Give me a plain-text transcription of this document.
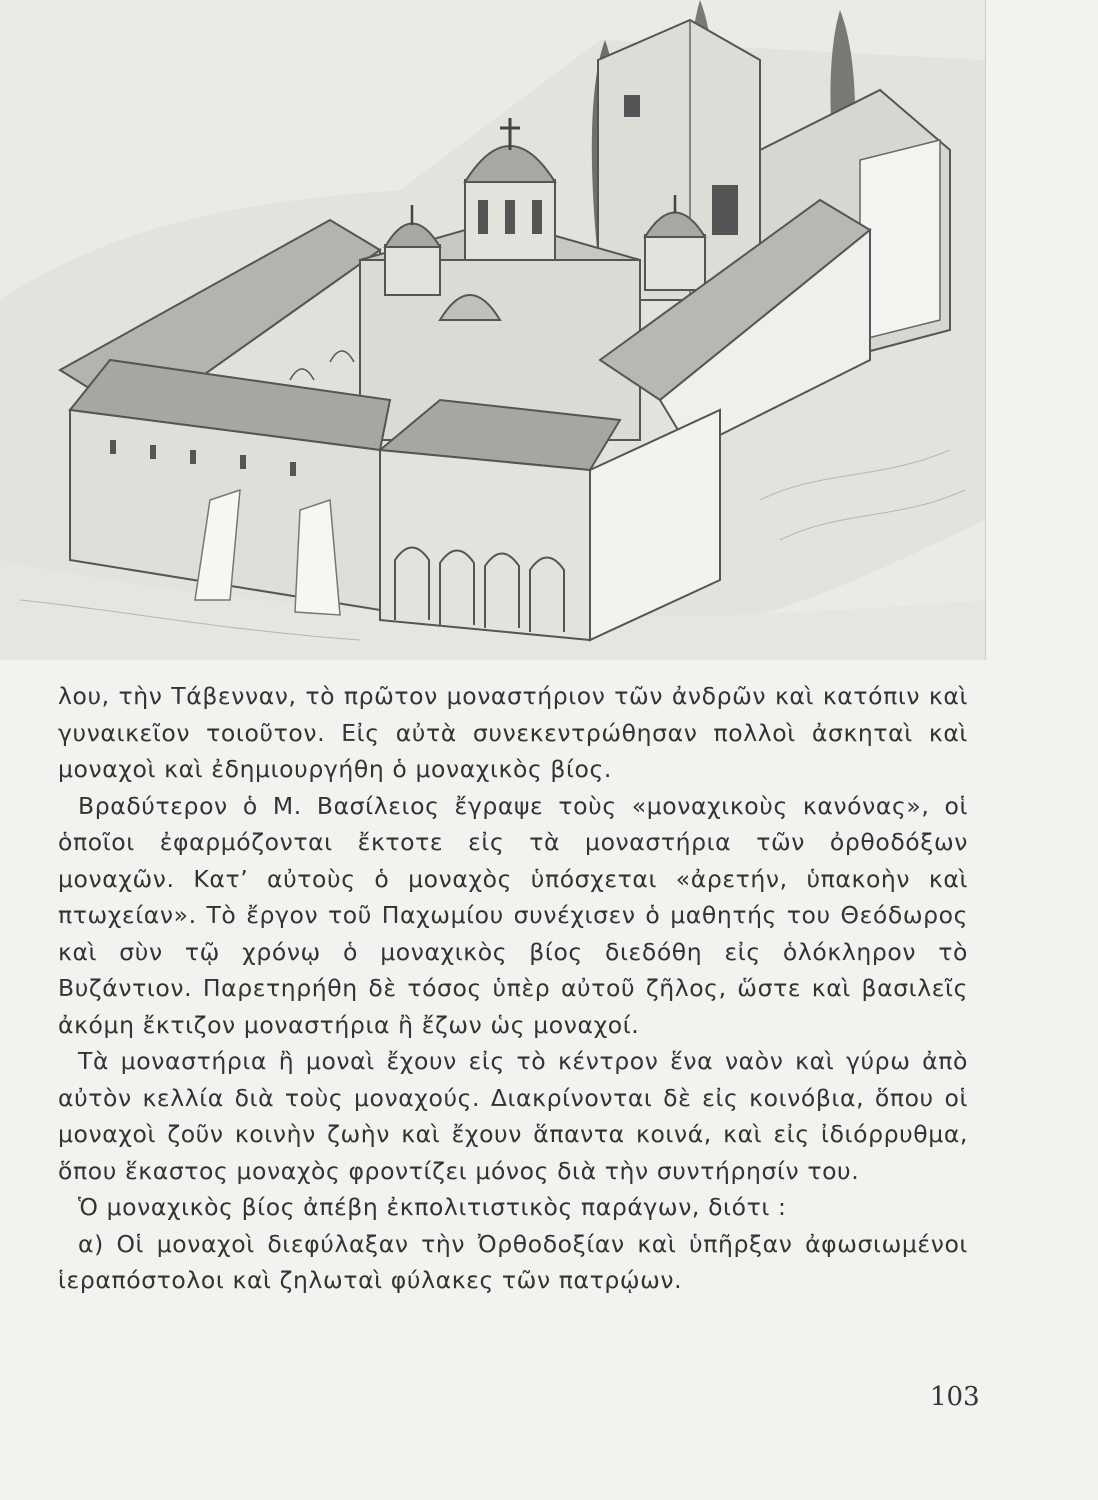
λου, τὴν Τάβενναν, τὸ πρῶτον μοναστήριον τῶν ἀνδρῶν καὶ κατόπιν καὶ γυναικεῖον τοιοῦτον. Εἰς αὐτὰ συνεκεντρώθησαν πολλοὶ ἀσκηταὶ καὶ μοναχοὶ καὶ ἐδημιουργήθη ὁ μοναχικὸς βίος.

Βραδύτερον ὁ Μ. Βασίλειος ἔγραψε τοὺς «μοναχικοὺς κανόνας», οἱ ὁποῖοι ἐφαρμόζονται ἔκτοτε εἰς τὰ μοναστήρια τῶν ὀρθοδόξων μοναχῶν. Κατ’ αὐτοὺς ὁ μοναχὸς ὑπόσχεται «ἀρετήν, ὑπακοὴν καὶ πτωχείαν». Τὸ ἔργον τοῦ Παχωμίου συνέχισεν ὁ μαθητής του Θεόδωρος καὶ σὺν τῷ χρόνῳ ὁ μοναχικὸς βίος διεδόθη εἰς ὁλόκληρον τὸ Βυζάντιον. Παρετηρήθη δὲ τόσος ὑπὲρ αὐτοῦ ζῆλος, ὥστε καὶ βασιλεῖς ἀκόμη ἔκτιζον μοναστήρια ἢ ἔζων ὡς μοναχοί.

Τὰ μοναστήρια ἢ μοναὶ ἔχουν εἰς τὸ κέντρον ἕνα ναὸν καὶ γύρω ἀπὸ αὐτὸν κελλία διὰ τοὺς μοναχούς. Διακρίνονται δὲ εἰς κοινόβια, ὅπου οἱ μοναχοὶ ζοῦν κοινὴν ζωὴν καὶ ἔχουν ἅπαντα κοινά, καὶ εἰς ἰδιόρρυθμα, ὅπου ἕκαστος μοναχὸς φροντίζει μόνος διὰ τὴν συντήρησίν του.

Ὁ μοναχικὸς βίος ἀπέβη ἐκπολιτιστικὸς παράγων, διότι :

α) Οἱ μοναχοὶ διεφύλαξαν τὴν Ὀρθοδοξίαν καὶ ὑπῆρξαν ἀφωσιωμένοι ἱεραπόστολοι καὶ ζηλωταὶ φύλακες τῶν πατρῴων.

103
